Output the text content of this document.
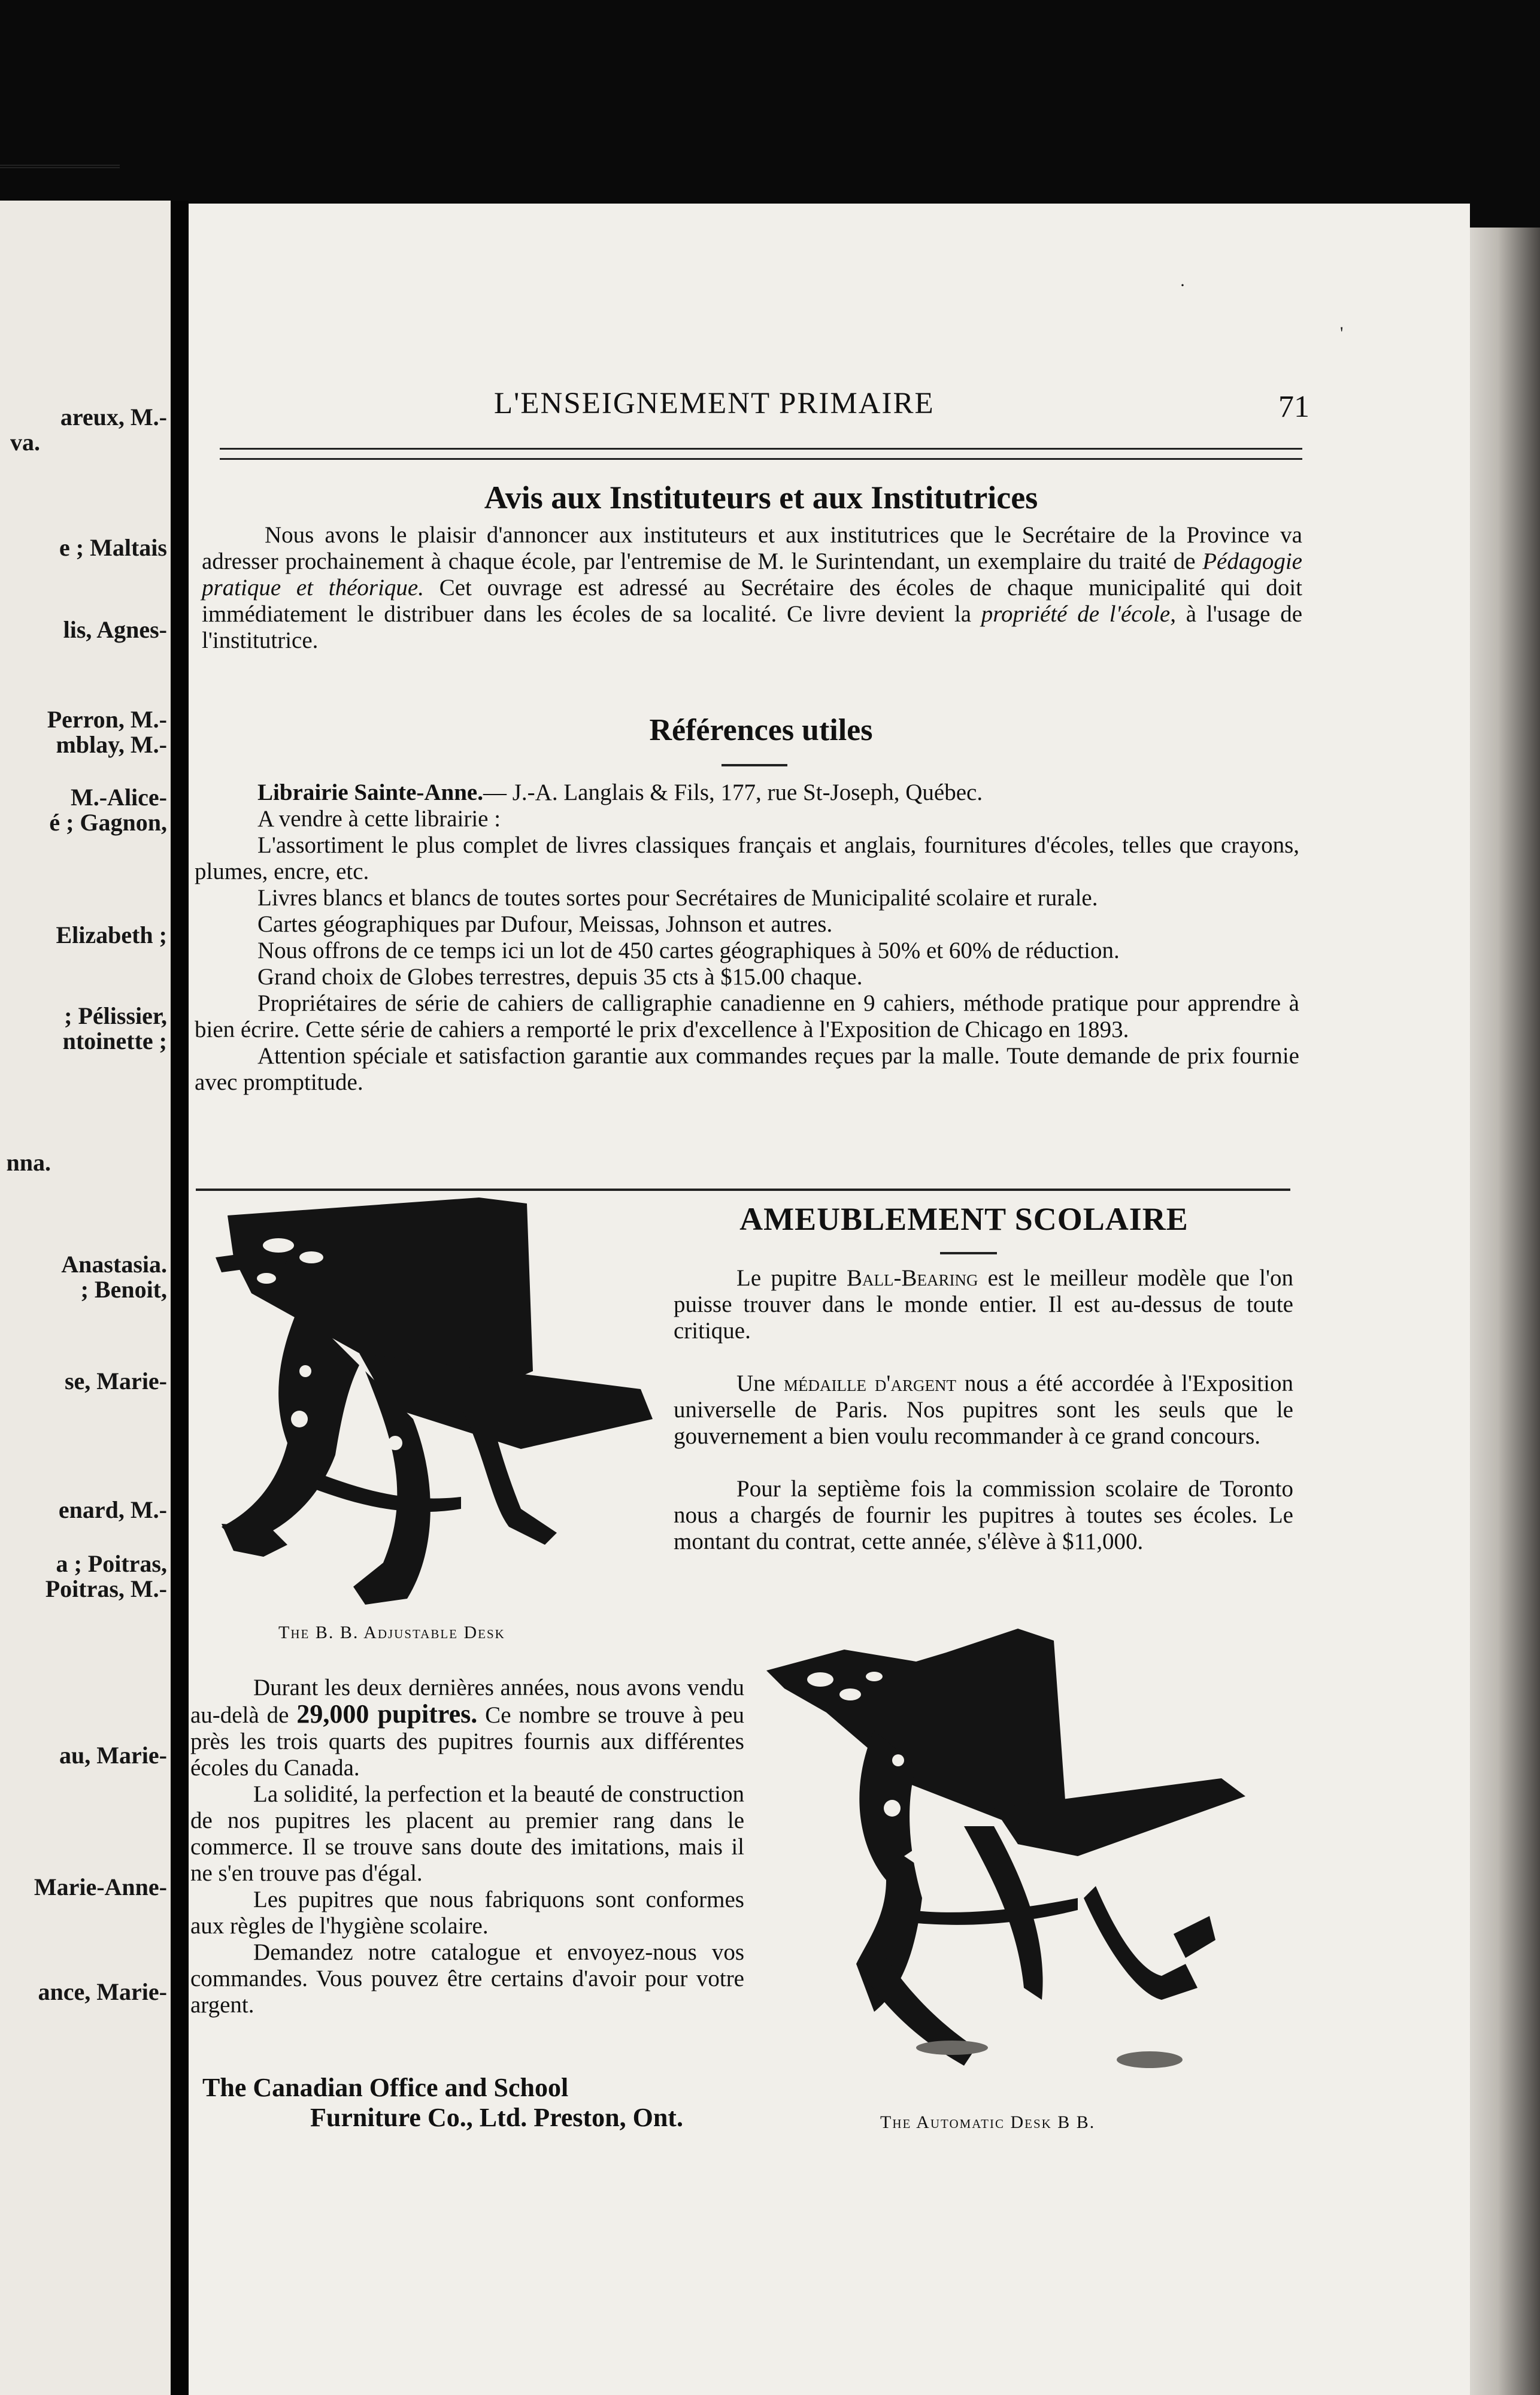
areux, M.-
va.
e ; Maltais
lis, Agnes-
Perron, M.-
mblay, M.-
M.-Alice-
é ; Gagnon,
Elizabeth ;
; Pélissier,
ntoinette ;
nna.
Anastasia.
; Benoit,
se, Marie-
enard, M.-
a ; Poitras,
Poitras, M.-
au, Marie-
Marie-Anne-
ance, Marie-
·
'
L'ENSEIGNEMENT PRIMAIRE	71
Avis aux Instituteurs et aux Institutrices

Nous avons le plaisir d'annoncer aux instituteurs et aux institutrices que le Secrétaire de la Province va adresser prochainement à chaque école, par l'entremise de M. le Surintendant, un exemplaire du traité de Pédagogie pratique et théorique. Cet ouvrage est adressé au Secrétaire des écoles de chaque municipalité qui doit immédiatement le distribuer dans les écoles de sa localité. Ce livre devient la propriété de l'école, à l'usage de l'institutrice.

Références utiles

Librairie Sainte-Anne.— J.-A. Langlais & Fils, 177, rue St-Joseph, Québec.

A vendre à cette librairie :

L'assortiment le plus complet de livres classiques français et anglais, fournitures d'écoles, telles que crayons, plumes, encre, etc.

Livres blancs et blancs de toutes sortes pour Secrétaires de Municipalité scolaire et rurale.

Cartes géographiques par Dufour, Meissas, Johnson et autres.

Nous offrons de ce temps ici un lot de 450 cartes géographiques à 50% et 60% de réduction.

Grand choix de Globes terrestres, depuis 35 cts à $15.00 chaque.

Propriétaires de série de cahiers de calligraphie canadienne en 9 cahiers, méthode pratique pour apprendre à bien écrire. Cette série de cahiers a remporté le prix d'excellence à l'Exposition de Chicago en 1893.

Attention spéciale et satisfaction garantie aux commandes reçues par la malle. Toute demande de prix fournie avec promptitude.

The B. B. Adjustable Desk
AMEUBLEMENT SCOLAIRE

Le pupitre Ball-Bearing est le meilleur modèle que l'on puisse trouver dans le monde entier. Il est au-dessus de toute critique.

Une médaille d'argent nous a été accordée à l'Exposition universelle de Paris. Nos pupitres sont les seuls que le gouvernement a bien voulu recommander à ce grand concours.

Pour la septième fois la commission scolaire de Toronto nous a chargés de fournir les pupitres à toutes ses écoles. Le montant du contrat, cette année, s'élève à $11,000.

Durant les deux dernières années, nous avons vendu au-delà de 29,000 pupitres. Ce nombre se trouve à peu près les trois quarts des pupitres fournis aux différentes écoles du Canada.

La solidité, la perfection et la beauté de construction de nos pupitres les placent au premier rang dans le commerce. Il se trouve sans doute des imitations, mais il ne s'en trouve pas d'égal.

Les pupitres que nous fabriquons sont conformes aux règles de l'hygiène scolaire.

Demandez notre catalogue et envoyez-nous vos commandes. Vous pouvez être certains d'avoir pour votre argent.

The Canadian Office and School
Furniture Co., Ltd. Preston, Ont.	The Automatic Desk B B.
